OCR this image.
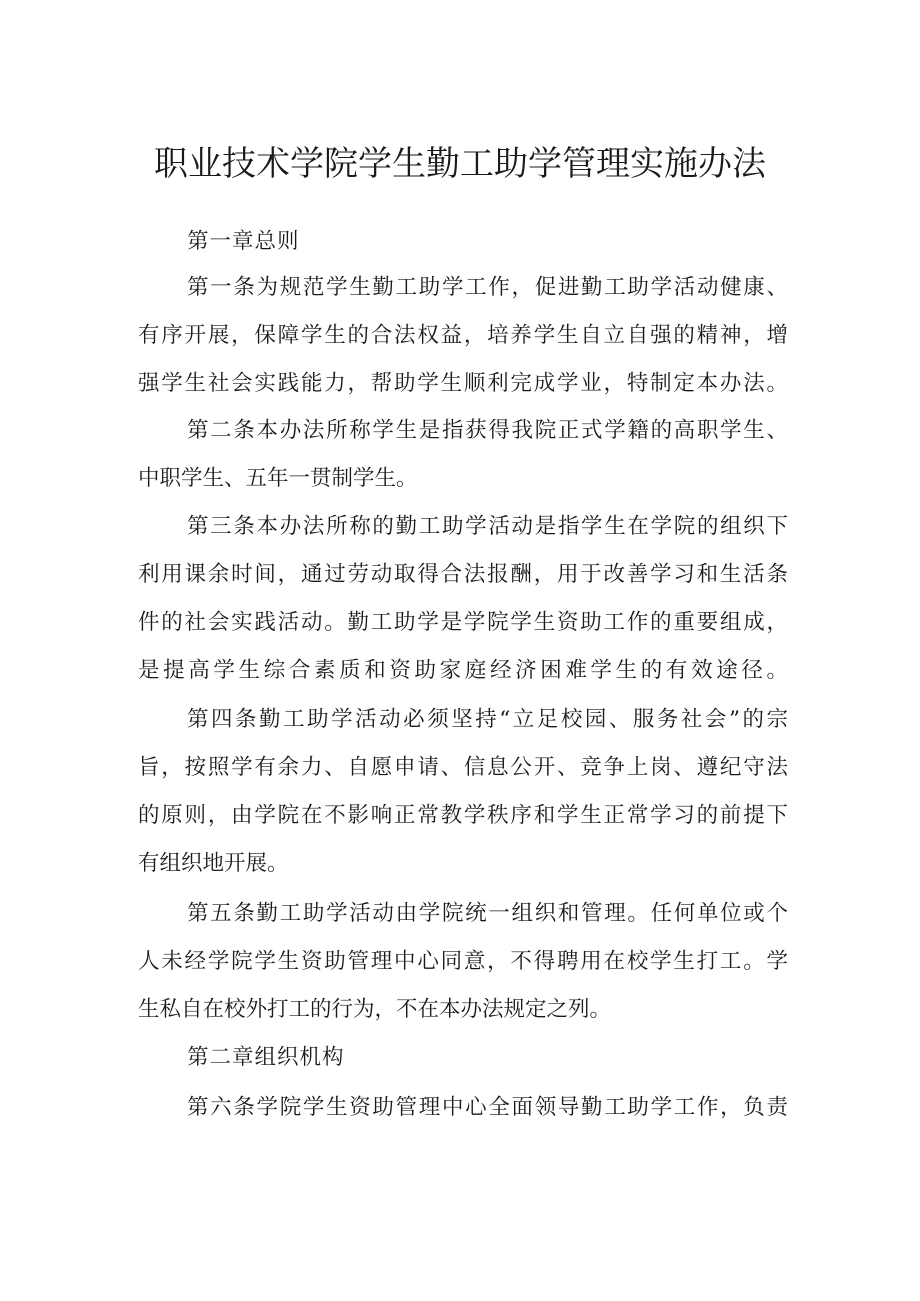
职业技术学院学生勤工助学管理实施办法

第一章总则

第一条为规范学生勤工助学工作，促进勤工助学活动健康、

有序开展，保障学生的合法权益，培养学生自立自强的精神，增

强学生社会实践能力，帮助学生顺利完成学业，特制定本办法。

第二条本办法所称学生是指获得我院正式学籍的高职学生、

中职学生、五年一贯制学生。

第三条本办法所称的勤工助学活动是指学生在学院的组织下

利用课余时间，通过劳动取得合法报酬，用于改善学习和生活条

件的社会实践活动。勤工助学是学院学生资助工作的重要组成，

是提高学生综合素质和资助家庭经济困难学生的有效途径。

第四条勤工助学活动必须坚持“立足校园、服务社会”的宗

旨，按照学有余力、自愿申请、信息公开、竞争上岗、遵纪守法

的原则，由学院在不影响正常教学秩序和学生正常学习的前提下

有组织地开展。

第五条勤工助学活动由学院统一组织和管理。任何单位或个

人未经学院学生资助管理中心同意，不得聘用在校学生打工。学

生私自在校外打工的行为，不在本办法规定之列。

第二章组织机构

第六条学院学生资助管理中心全面领导勤工助学工作，负责
